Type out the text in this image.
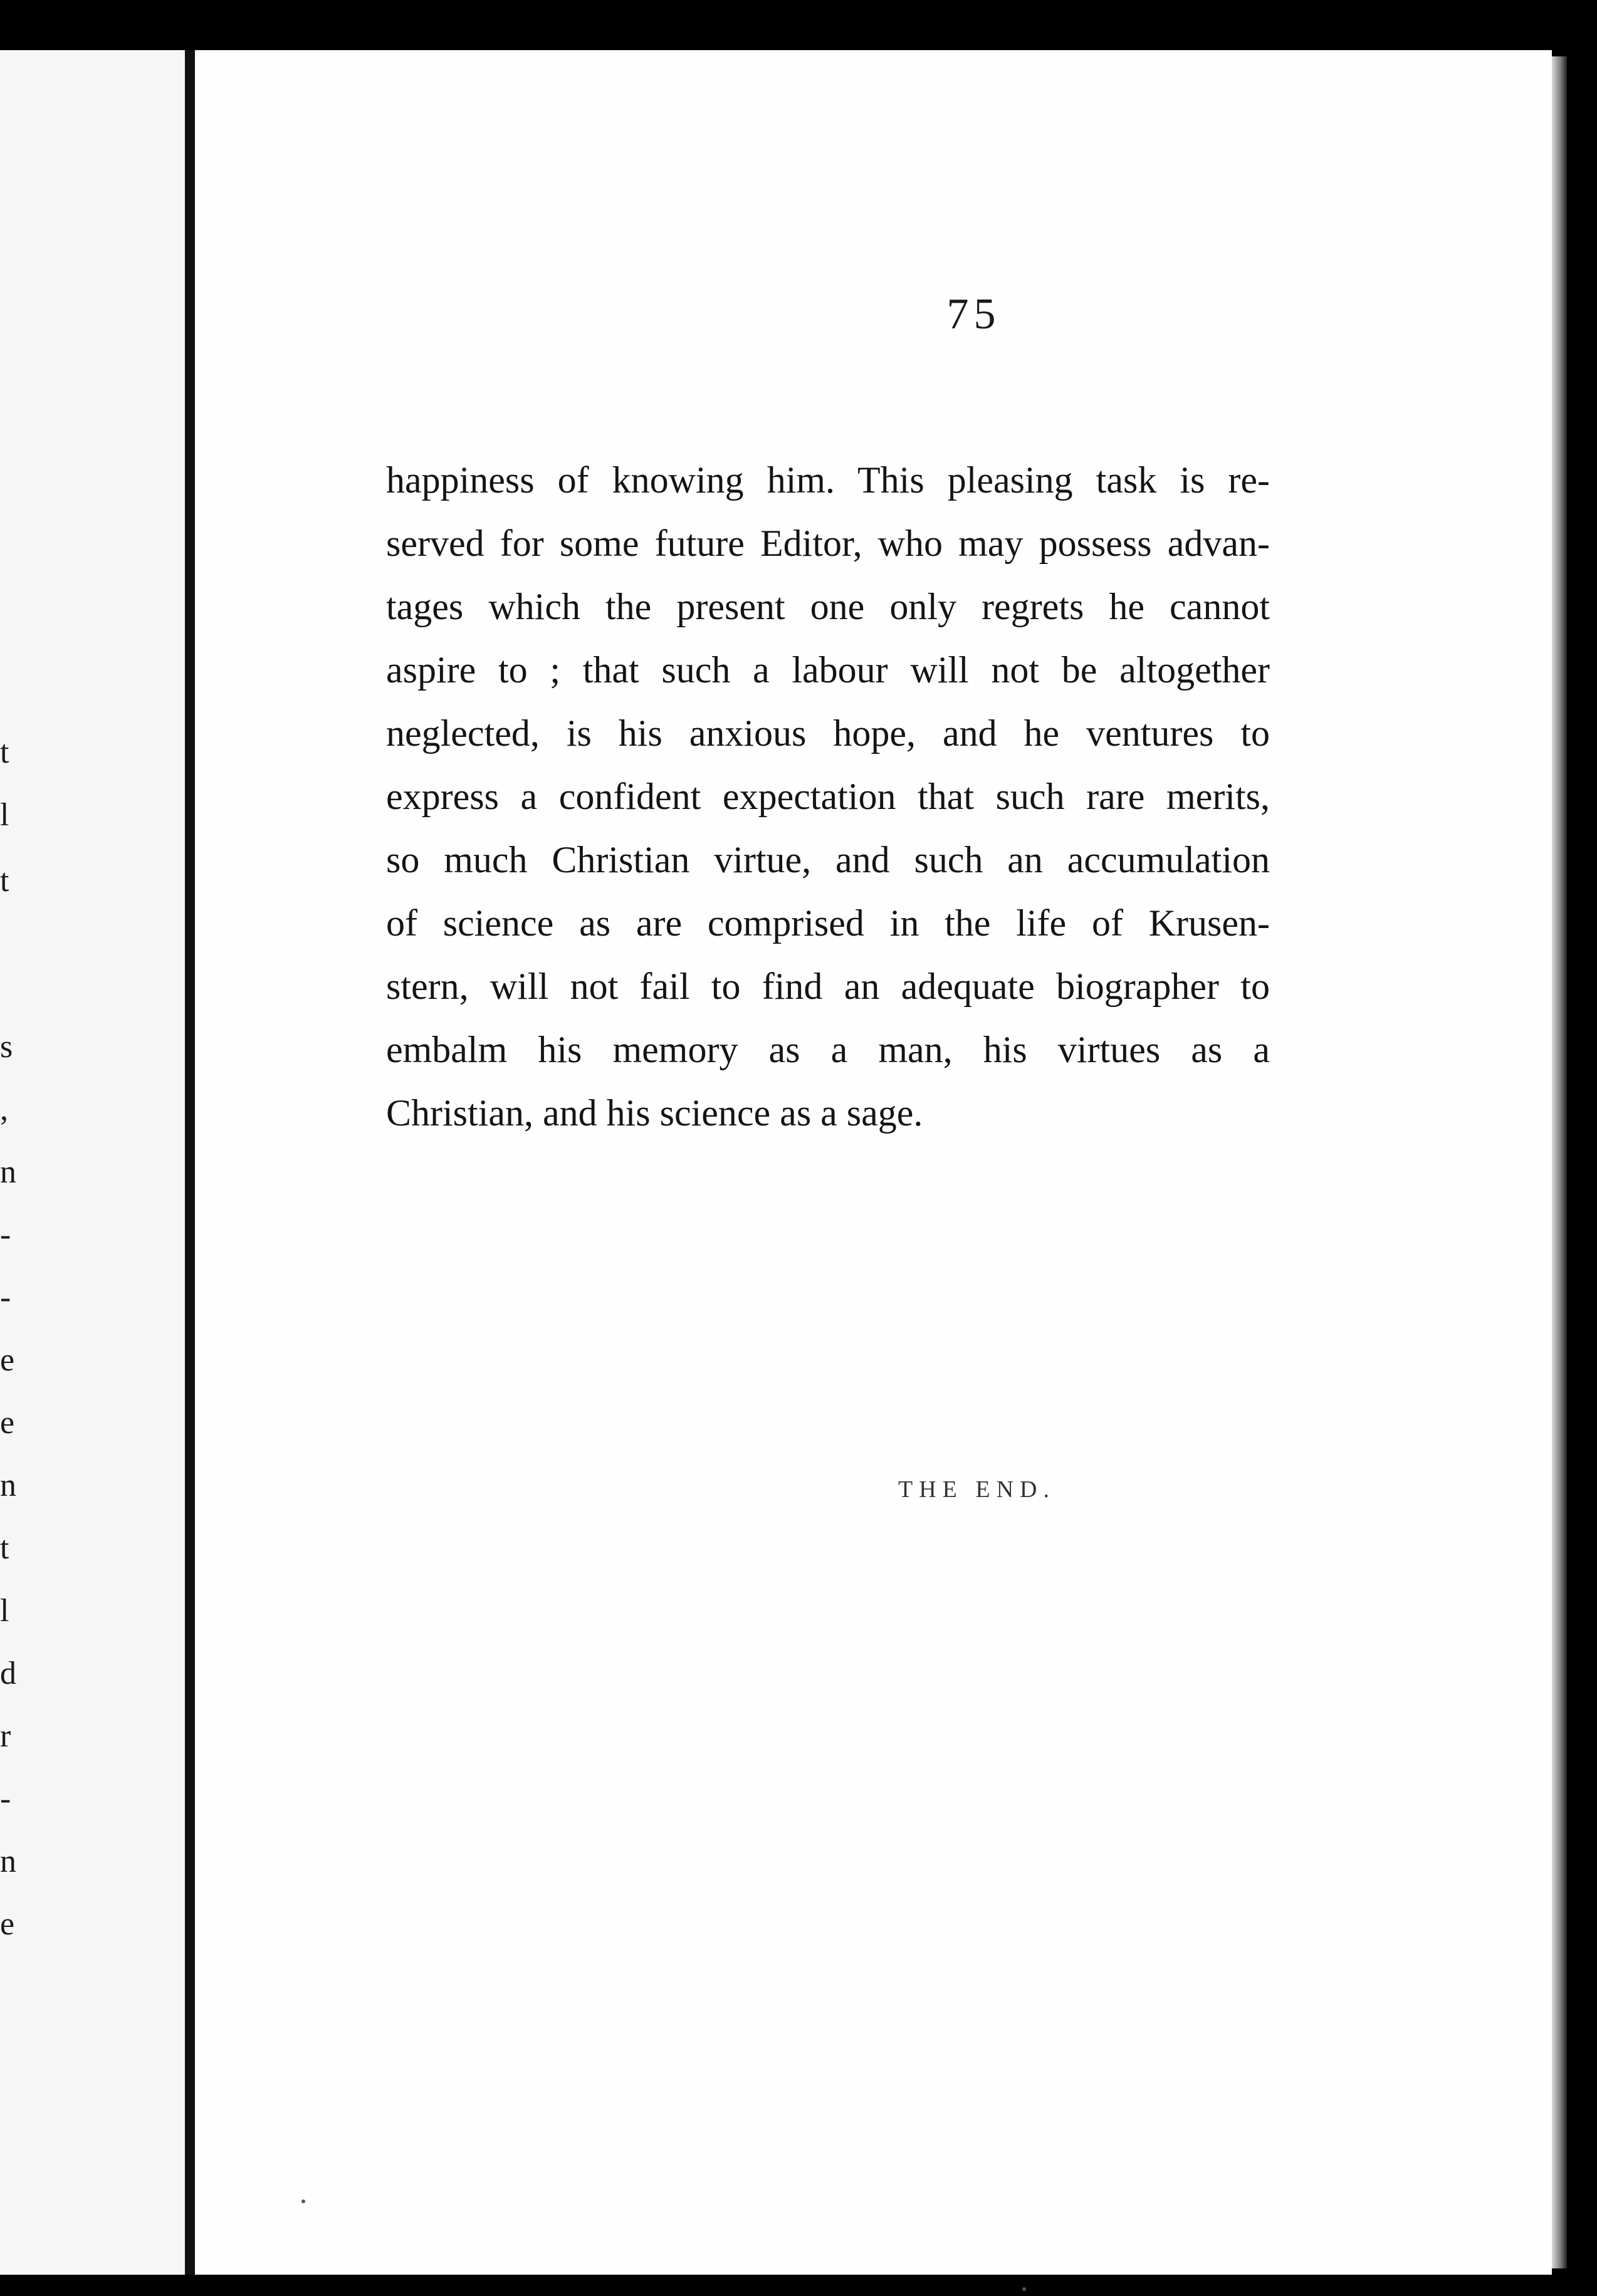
t
l
t
s
,
n
-
-
e
e
n
t
l
d
r
-
n
e
75
happiness of knowing him. This pleasing task is re-
served for some future Editor, who may possess advan-
tages which the present one only regrets he cannot
aspire to ; that such a labour will not be altogether
neglected, is his anxious hope, and he ventures to
express a confident expectation that such rare merits,
so much Christian virtue, and such an accumulation
of science as are comprised in the life of Krusen-
stern, will not fail to find an adequate biographer to
embalm his memory as a man, his virtues as a
Christian, and his science as a sage.
THE END.
